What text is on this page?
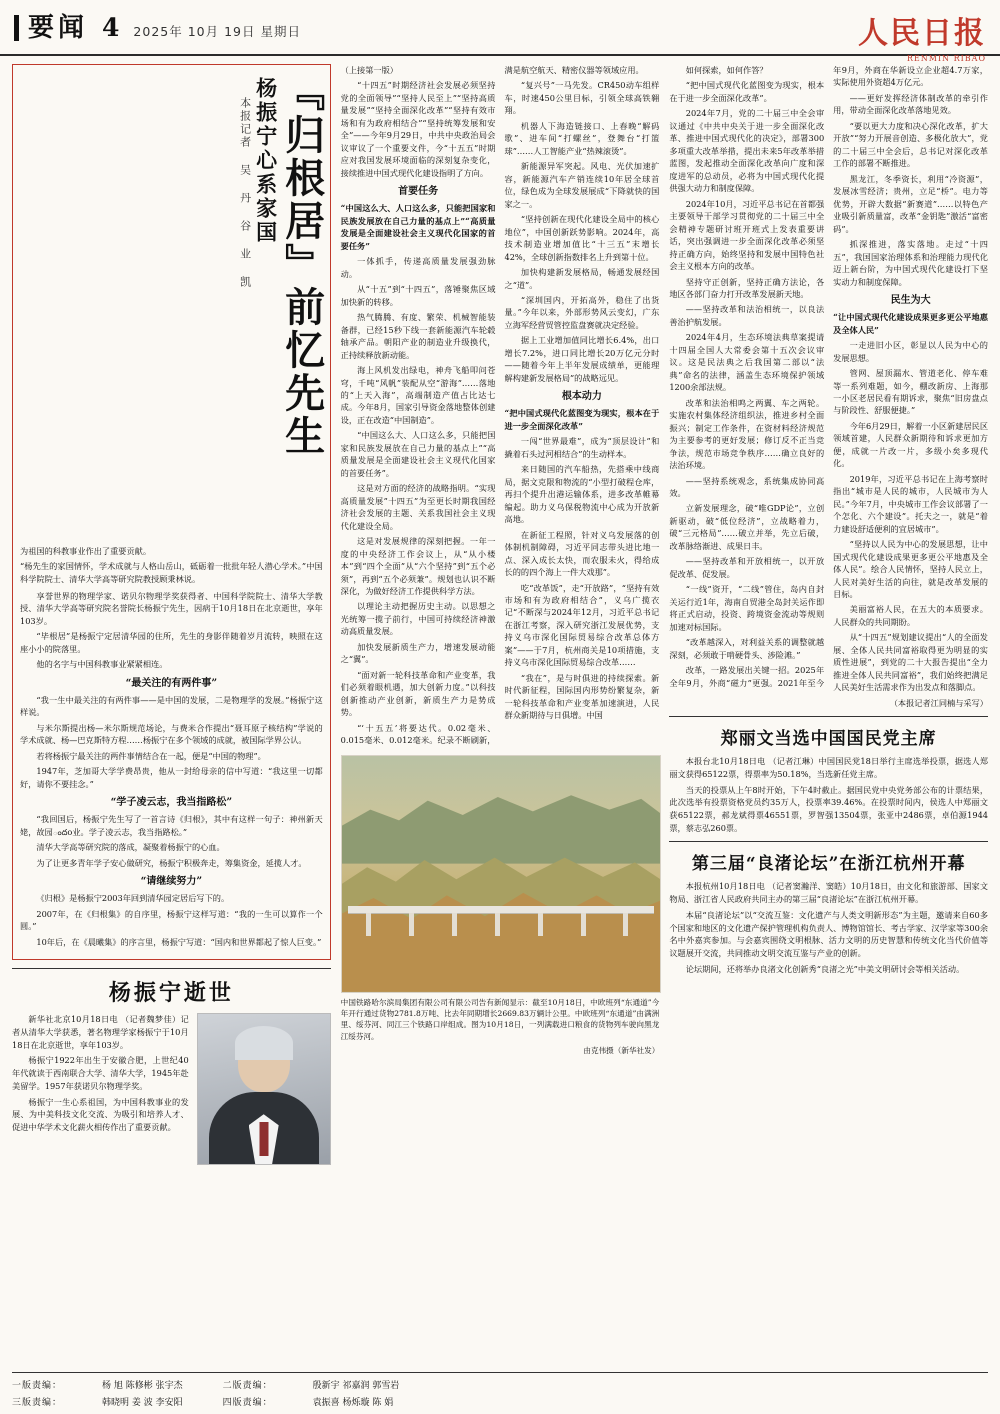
要闻 4 2025年 10月 19日 星期日	人民日报
RENMIN RIBAO
本报记者 吴 丹 谷 业 凯 杨振宁心系家国 『归根居』前忆先生
为祖国的科教事业作出了重要贡献。
“杨先生的家国情怀，学术成就与人格山岳山，砥砺着一批批年轻人潜心学术。”中国科学院院士、清华大学高等研究院教授顾秉林说。

享誉世界的物理学家、诺贝尔物理学奖获得者、中国科学院院士、清华大学教授、清华大学高等研究院名誉院长杨振宁先生，因病于10月18日在北京逝世，享年103岁。

“毕根居”是杨振宁定居清华园的住所，先生的身影伴随着岁月流转，映照在这座小小的院落里。

他的名字与中国科教事业紧紧相连。

“最关注的有两件事”

“我一生中最关注的有两件事——是中国的发展，二是物理学的发展。”杨振宁这样说。

与米尔斯提出杨—米尔斯规范场论，与费米合作提出“聂耳原子核结构”学说的学术成就、杨—巴克斯特方程……杨振宁在多个领域的成就，被国际学界公认。

若将杨振宁最关注的两件事情结合在一起，便是“中国的物理”。

1947年，芝加哥大学学费昂贵，他从一封给母亲的信中写道：“我这里一切都好，请你不要挂念。”

“学子凌云志，我当指路松”

“我回国后，杨振宁先生写了一首言诗《归根》，其中有这样一句子：神州新天姥，故园ందo业。学子凌云志，我当指路松。”

清华大学高等研究院的落成，凝聚着杨振宁的心血。

为了让更多青年学子安心做研究，杨振宁积极奔走，筹集资金，延揽人才。

“请继续努力”

《归根》是杨振宁2003年回到清华园定居后写下的。

2007年，在《归根集》的自序里，杨振宁这样写道：“我的一生可以算作一个圆。”

10年后，在《晨曦集》的序言里，杨振宁写道：“国内和世界都起了惊人巨变。”

杨振宁逝世

新华社北京10月18日电 （记者魏梦佳）记者从清华大学获悉，著名物理学家杨振宁于10月18日在北京逝世，享年103岁。

杨振宁1922年出生于安徽合肥，上世纪40年代就读于西南联合大学、清华大学，1945年赴美留学。1957年获诺贝尔物理学奖。

杨振宁一生心系祖国，为中国科教事业的发展、为中美科技文化交流、为吸引和培养人才、促进中华学术文化薪火相传作出了重要贡献。

（上接第一版）

“十四五”时期经济社会发展必须坚持党的全面领导”“坚持人民至上”“坚持高质量发展”“坚持全面深化改革”“坚持有效市场和有为政府相结合”“坚持统筹发展和安全”——今年9月29日，中共中央政治局会议审议了一个重要文件，今“十五五”时期应对我国发展环境面临的深刻复杂变化，接续推进中国式现代化建设指明了方向。

首要任务

“中国这么大、人口这么多，只能把国家和民族发展放在自己力量的基点上”“高质量发展是全面建设社会主义现代化国家的首要任务”

一体抓手，传递高质量发展强劲脉动。

从“十五”到“十四五”，落锤聚焦区域加快新的转移。

热气腾腾、有度、繁荣、机械智能装备群，已经15秒下线一套新能源汽车轮毂轴承产品。朝阳产业的制造业升级换代，正持续释放新动能。

海上风机发出绿电，神舟飞船叩问苍穹，千吨“风帆”装配从空“游海”……落地的“上天入海”，高端制造产值占比达七成。今年8月，国家引导资金落地整体创建设，正在改造“中国制造”。

“中国这么大、人口这么多，只能把国家和民族发展放在自己力量的基点上”“高质量发展是全面建设社会主义现代化国家的首要任务”。

这是对方面的经济的战略指明。“实现高质量发展”十四五”为至更长时期我国经济社会发展的主题、关系我国社会主义现代化建设全局。

这是对发展规律的深刻把握。一年一度的中央经济工作会议上，从“从小楼本”到“四个全面”从“六个坚持”到“五个必须”，再到“五个必须兼”。规划也认识不断深化，为做好经济工作提供科学方法。

以理论主动把握历史主动。以思想之光统筹一揽子前行，中国可持续经济神激动高质量发展。

加快发展新质生产力，增速发展动能之“翼”。

“面对新一轮科技革命和产业变革，我们必须着眼机遇，加大创新力度。”以科技创新推动产业创新，新质生产力是势成势。

“‘十五五’将要达代。0.02毫米、0.015毫米、0.012毫米。纪录不断刷新，满是航空航天、精密仪器等领域应用。

“复兴号”一马先发。CR450动车组样车，时速450公里目标，引领全球高铁翱翔。

机器人下海造链接口、上春晚“解码歌”、进车间“打螺丝”，登舞台“打篮球”……人工智能产业“热辣滚烫”。

新能源异军突起。风电、光伏加速扩容，新能源汽车产销连续10年居全球首位，绿色成为全球发展展成“下降就快的国家之一。

“坚持创新在现代化建设全局中的核心地位”，中国创新跃势影响。2024年，高技术制造业增加值比“十三五”末增长42%，全球创新指数排名上升到第十位。

加快构建新发展格局，畅通发展经国之“道”。

“深圳国内，开拓高外，稳住了出货量。”今年以来，外部形势风云变幻，广东立海军经营贸管控监盘赛就决定经验。

据上工业增加值同比增长6.4%，出口增长7.2%，进口同比增长20万亿元分时——随着今年上半年发展成绩单，更能理解构建新发展格局”的战略远见。

根本动力

“把中国式现代化蓝图变为现实，根本在于进一步全面深化改革”

一闯“世界最难”，成为“顶层设计”和撬着石头过河相结合”的生动样本。

来日随国的汽车船热，先搭乘中线商局，据文克限和物流的“小型打破程仓库，再扫个提升出港运输体系，进多改革帷幕编起。助力义乌保税物流中心成为开放新高地。

在新征工程照，针对义乌发展落的创体制机制障碍，习近平同志带头进比地一点、深入成长太快，而农服未火，得给成长的的四个海上一件大戏那”。

吃“改革饭”，走“开放路”，“坚持有效市场和有为政府相结合”，义乌广揽衣记“不断深与2024年12月，习近平总书记在浙江考察，深入研究浙江发展优势，支持义乌市深化国际贸易综合改革总体方案”——于7月，杭州商关是10项措施，支持义乌市深化国际贸易综合改革……

“我在”，是与时俱进的持续探索。新时代新征程，国际国内形势纷繁复杂，新一轮科技革命和产业变革加速演进，人民群众新期待与日俱增。中国

中国铁路哈尔滨局集团有限公司有限公司告有新闻显示：截至10月18日，中欧班列“东通道”今年开行通过货物2781.8万吨、比去年同期增长2669.83万辆计公里。中欧班列“东通道”由满洲里、绥芬河、同江三个铁路口岸组成。图为10月18日，一列满载进口粮食的货物列车驶向黑龙江绥芬河。
由克伟摄（新华社发）

如何探索，如何作答？

“把中国式现代化蓝图变为现实，根本在于进一步全面深化改革”。

2024年7月，党的二十届三中全会审议通过《中共中央关于进一步全面深化改革、推进中国式现代化的决定》，部署300多项重大改革举措，提出未来5年改革举措蓝图，发起推动全面深化改革向广度和深度进军的总动员，必将为中国式现代化提供强大动力和制度保障。

2024年10月，习近平总书记在首都强主要领导干部学习贯彻党的二十届三中全会精神专题研讨班开班式上发表重要讲话，突出强调进一步全面深化改革必须坚持正确方向，始终坚持和发展中国特色社会主义根本方向的改革。

坚持守正创新，坚持正确方法论，各地区各部门奋力打开改革发展新天地。

——坚持改革和法治相统一，以良法善治护航发展。

2024年4月，生态环境法典草案提请十四届全国人大常委会第十五次会议审议。这是民法典之后我国第二部以“法典”命名的法律，涵盖生态环境保护领域1200余部法规。

改革和法治相鸣之两翼、车之两轮。实施农村集体经济组织法，推进乡村全面振兴；制定工作条件，在资材料经济规范为主要参考的更好发展；修订反不正当竞争法，规范市场竞争秩序……确立良好的法治环境。

——坚持系统观念，系统集成协同高效。

立新发展理念，破“唯GDP论”，立创新驱动，破“低位经济”，立战略着力，破“三元格局”……破立并举，先立后破，改革脉络渐进、成果日丰。

——坚持改革和开放相统一，以开放促改革、促发展。

“一线”资开，“二线”管住，岛内自封关运行近1年，海南自贸港全岛封关运作即将正式启动，投资、跨境资金流动等规则加速对标国际。

“改革越深入，对利益关系的调整就越深刻，必须敢于啃硬骨头、涉险滩。”

改革，一路发展出关键一招。2025年全年9月，外商“磁力”更强。2021年至今年9月，外商在华新设立企业超4.7万家，实际使用外资超4万亿元。

——更好发挥经济体制改革的牵引作用，带动全面深化改革落地见效。

“要以更大力度和决心深化改革，扩大开放”“努力开展音创造、多极化放大”，党的二十届三中全会后，总书记对深化改革工作的部署不断推进。

黑龙江，冬季资长，利用“冷资源”，发展冰雪经济；贵州，立足“桥”。电力等优势，开辟大数据“新赛道”……以特色产业吸引新质量富，改革“金钥匙”激活“富密码”。

抓深推进，落实落地。走过“十四五”，我国国家治理体系和治理能力现代化迈上新台阶，为中国式现代化建设打下坚实动力和制度保障。

民生为大

“让中国式现代化建设成果更多更公平地惠及全体人民”

一走进旧小区，彰显以人民为中心的发展思想。

管网、屋顶漏水、管道老化、停车难等一系列难题，如今，棚改新房、上海那一小区老居民看有期诉求，聚焦“旧房盘点与阶段性、舒服便捷。”

今年6月29日，解着一小区新建居民区领域首建，人民群众新期待和诉求更加方便，成就一片改一片，多级小矣多现代化。

2019年，习近平总书记在上海考察时指出“城市是人民的城市，人民城市为人民。”今年7月，中央城市工作会议部署了一个怎化、六个建设”。托夫之一，就是“着力建设舒适便利的宜居城市”。

“坚持以人民为中心的发展思想，让中国式现代化建设成果更多更公平地惠及全体人民”。绘合人民情怀，坚持人民立上，人民对美好生活的向往，就是改革发展的目标。

美丽富裕人民，在五大的本质要求。人民群众的共同期盼。

从“十四五”规划建议提出“人的全面发展、全体人民共同富裕取得更为明显的实质性进展”，到党的二十大报告提出“全力推进全体人民共同富裕”，我们始终把满足人民美好生活需求作为出发点和落脚点。

（本报记者江同楠与采写）

郑丽文当选中国国民党主席

本报台北10月18日电 （记者江琳）中国国民党18日举行主席选举投票，据选人郑丽文获得65122票，得票率为50.18%，当选新任党主席。

当天的投票从上午8时开始，下午4时截止。据国民党中央党务部公布的计票结果，此次选举有投票资格党员约35万人，投票率39.46%。在投票时间内，侯选人中郑丽文获65122票，郝龙斌得票46551票，罗智强13504票，张亚中2486票，卓伯源1944票，蔡志弘260票。

第三届“良渚论坛”在浙江杭州开幕

本报杭州10月18日电 （记者窦瀚洋、窦皓）10月18日，由文化和旅游部、国家文物局、浙江省人民政府共同主办的第三届“良渚论坛”在浙江杭州开幕。

本届“良渚论坛”以“交流互鉴：文化遗产与人类文明新形态”为主题，邀请来自60多个国家和地区的文化遗产保护管理机构负责人、博物馆馆长、考古学家、汉学家等300余名中外嘉宾参加。与会嘉宾围绕文明根脉、活力文明的历史智慧和传统文化当代价值等议题展开交流，共同推动文明交流互鉴与产业的创新。

论坛期间，还将举办良渚文化创新秀“良渚之光”中美文明研讨会等相关活动。

一版责编：	杨 旭 陈修彬 张宇杰	二版责编：	殷新宇 祁嘉润 郭雪岩
三版责编：	韩晓明 姜 波 李安阳	四版责编：	袁振喜 杨烁璇 陈 娟
